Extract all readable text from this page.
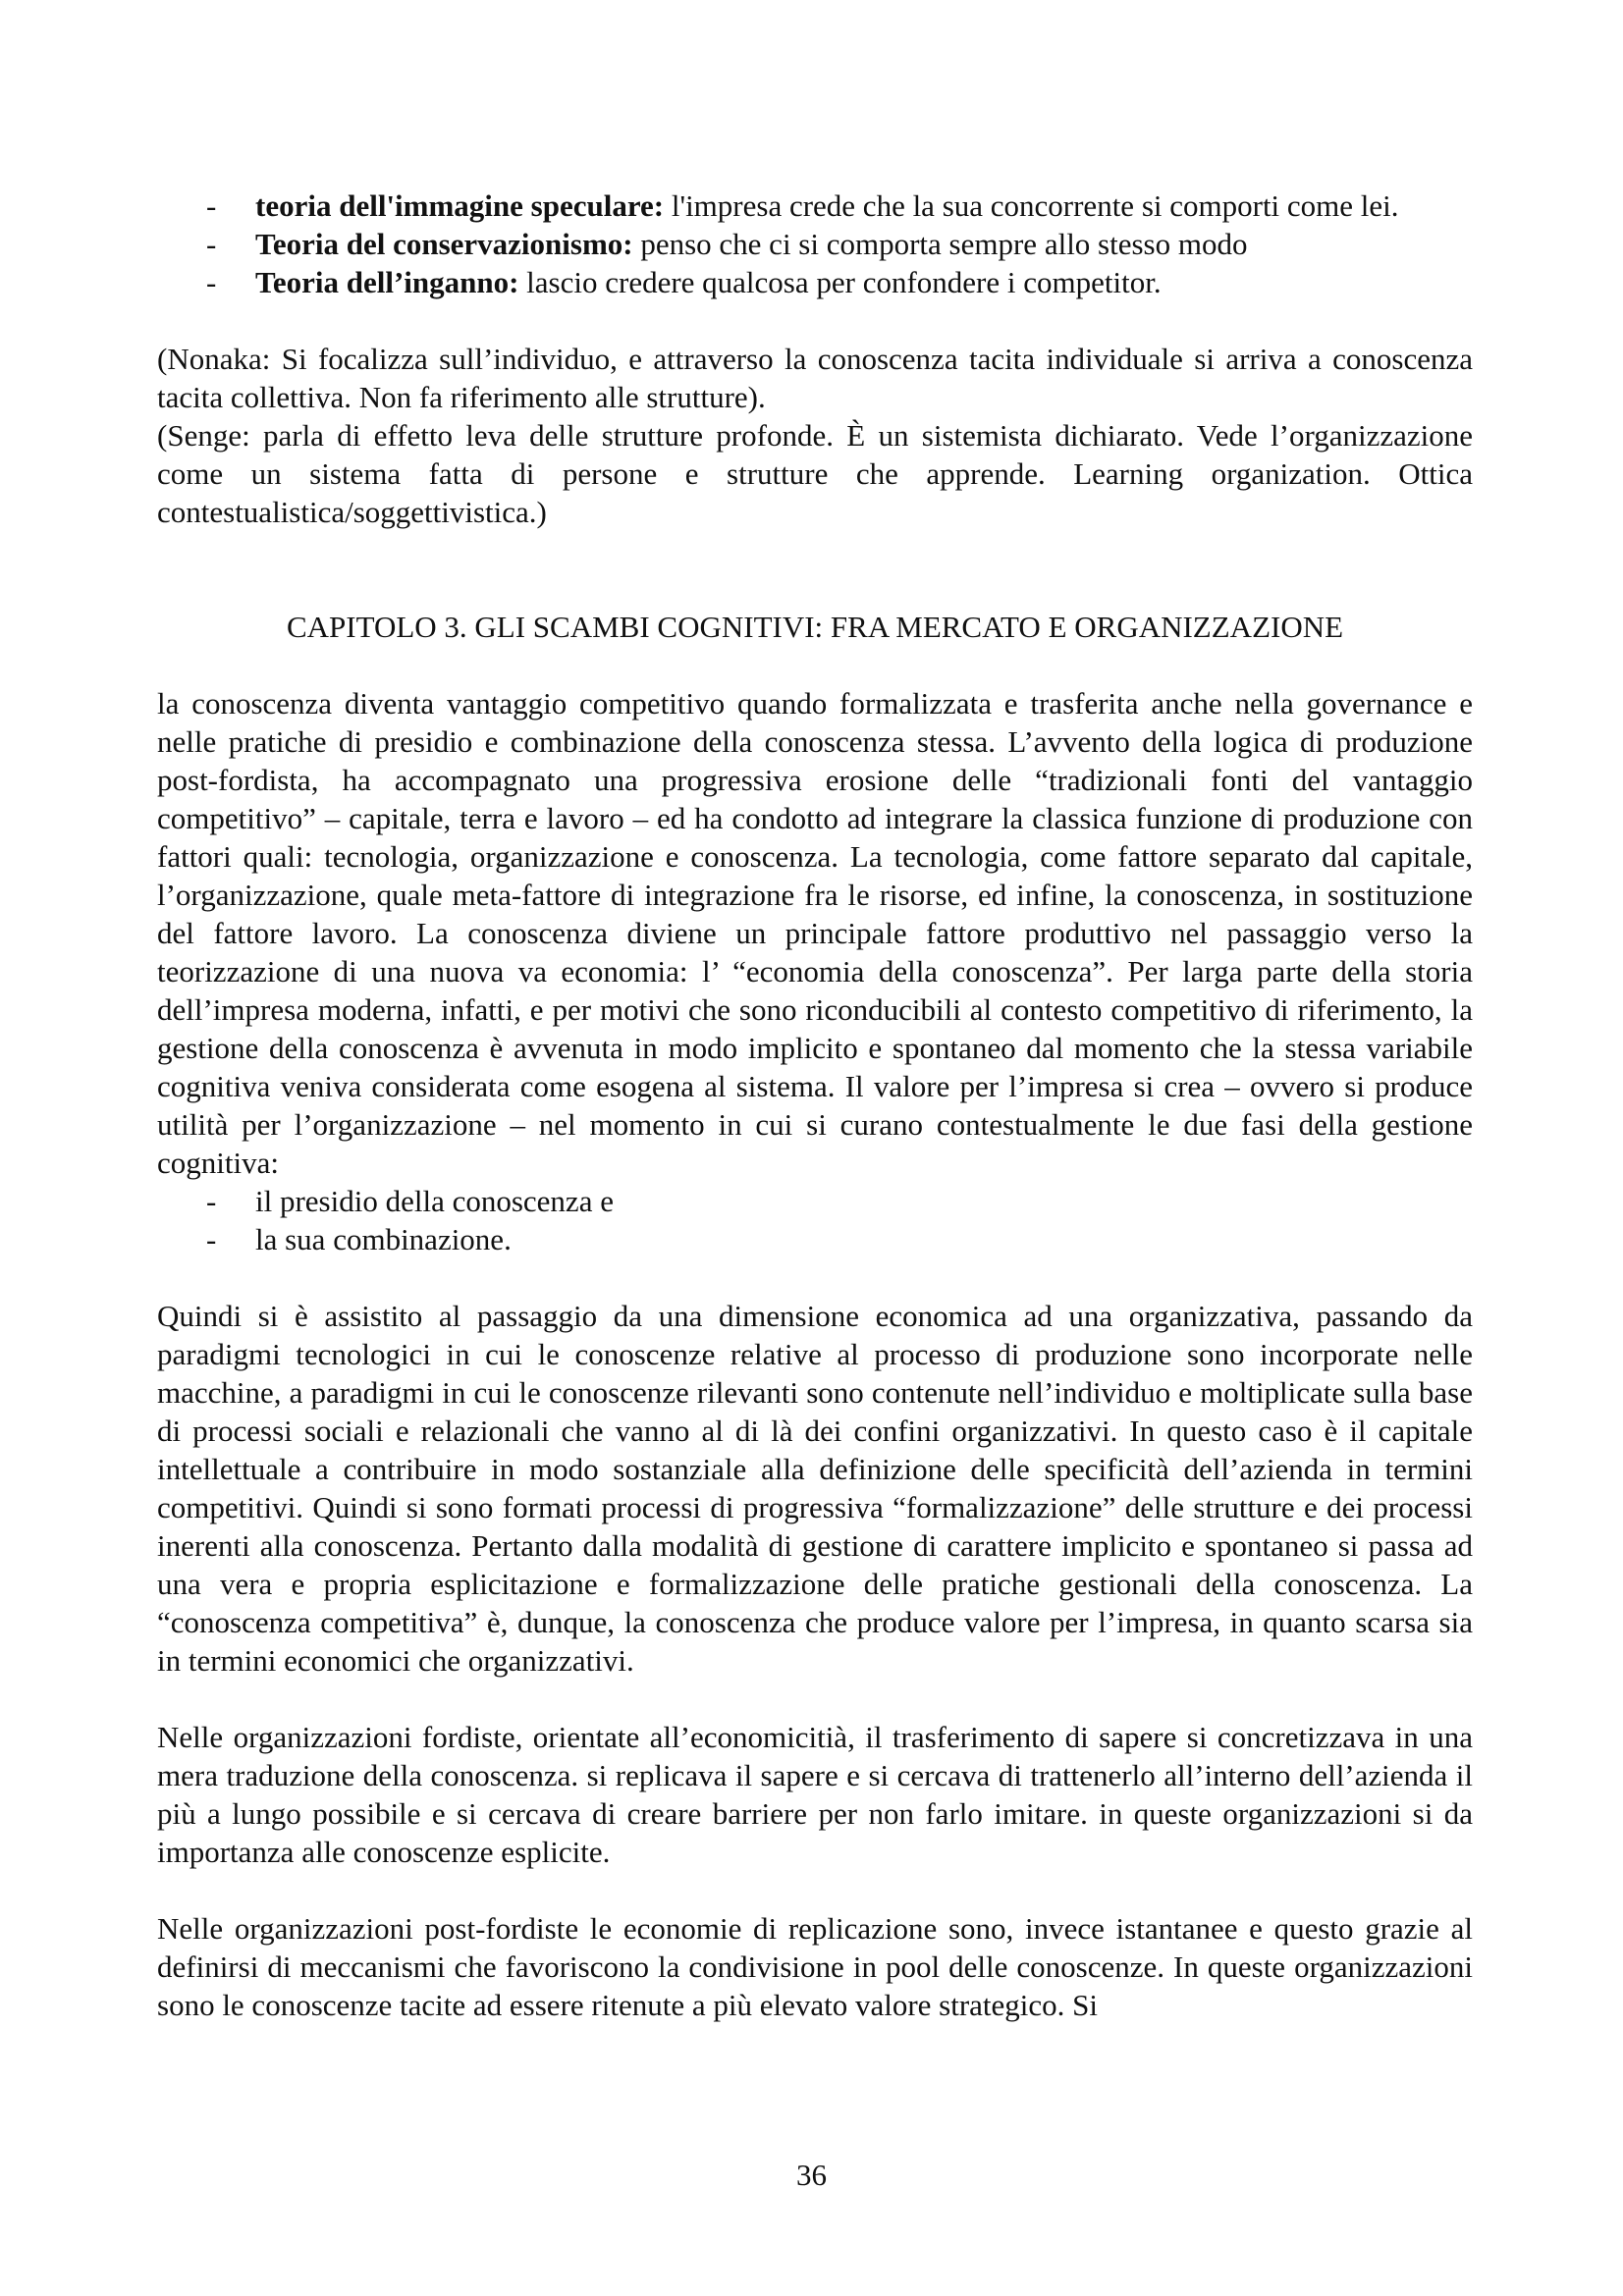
- teoria dell'immagine speculare: l'impresa crede che la sua concorrente si comporti come lei.
- Teoria del conservazionismo: penso che ci si comporta sempre allo stesso modo
- Teoria dell’inganno: lascio credere qualcosa per confondere i competitor.

(Nonaka: Si focalizza sull’individuo, e attraverso la conoscenza tacita individuale si arriva a conoscenza tacita collettiva. Non fa riferimento alle strutture).

(Senge: parla di effetto leva delle strutture profonde. È un sistemista dichiarato. Vede l’organizzazione come un sistema fatta di persone e strutture che apprende. Learning organization. Ottica contestualistica/soggettivistica.)

CAPITOLO 3. GLI SCAMBI COGNITIVI: FRA MERCATO E ORGANIZZAZIONE

la conoscenza diventa vantaggio competitivo quando formalizzata e trasferita anche nella governance e nelle pratiche di presidio e combinazione della conoscenza stessa. L’avvento della logica di produzione post-fordista, ha accompagnato una progressiva erosione delle “tradizionali fonti del vantaggio competitivo” – capitale, terra e lavoro – ed ha condotto ad integrare la classica funzione di produzione con fattori quali: tecnologia, organizzazione e conoscenza. La tecnologia, come fattore separato dal capitale, l’organizzazione, quale meta-fattore di integrazione fra le risorse, ed infine, la conoscenza, in sostituzione del fattore lavoro. La conoscenza diviene un principale fattore produttivo nel passaggio verso la teorizzazione di una nuova va economia: l’ “economia della conoscenza”. Per larga parte della storia dell’impresa moderna, infatti, e per motivi che sono riconducibili al contesto competitivo di riferimento, la gestione della conoscenza è avvenuta in modo implicito e spontaneo dal momento che la stessa variabile cognitiva veniva considerata come esogena al sistema. Il valore per l’impresa si crea – ovvero si produce utilità per l’organizzazione – nel momento in cui si curano contestualmente le due fasi della gestione cognitiva:

- il presidio della conoscenza e
- la sua combinazione.

Quindi si è assistito al passaggio da una dimensione economica ad una organizzativa, passando da paradigmi tecnologici in cui le conoscenze relative al processo di produzione sono incorporate nelle macchine, a paradigmi in cui le conoscenze rilevanti sono contenute nell’individuo e moltiplicate sulla base di processi sociali e relazionali che vanno al di là dei confini organizzativi. In questo caso è il capitale intellettuale a contribuire in modo sostanziale alla definizione delle specificità dell’azienda in termini competitivi. Quindi si sono formati processi di progressiva “formalizzazione” delle strutture e dei processi inerenti alla conoscenza. Pertanto dalla modalità di gestione di carattere implicito e spontaneo si passa ad una vera e propria esplicitazione e formalizzazione delle pratiche gestionali della conoscenza. La “conoscenza competitiva” è, dunque, la conoscenza che produce valore per l’impresa, in quanto scarsa sia in termini economici che organizzativi.

Nelle organizzazioni fordiste, orientate all’economicitià, il trasferimento di sapere si concretizzava in una mera traduzione della conoscenza. si replicava il sapere e si cercava di trattenerlo all’interno dell’azienda il più a lungo possibile e si cercava di creare barriere per non farlo imitare. in queste organizzazioni si da importanza alle conoscenze esplicite.

Nelle organizzazioni post-fordiste le economie di replicazione sono, invece istantanee e questo grazie al definirsi di meccanismi che favoriscono la condivisione in pool delle conoscenze. In queste organizzazioni sono le conoscenze tacite ad essere ritenute a più elevato valore strategico. Si

36
